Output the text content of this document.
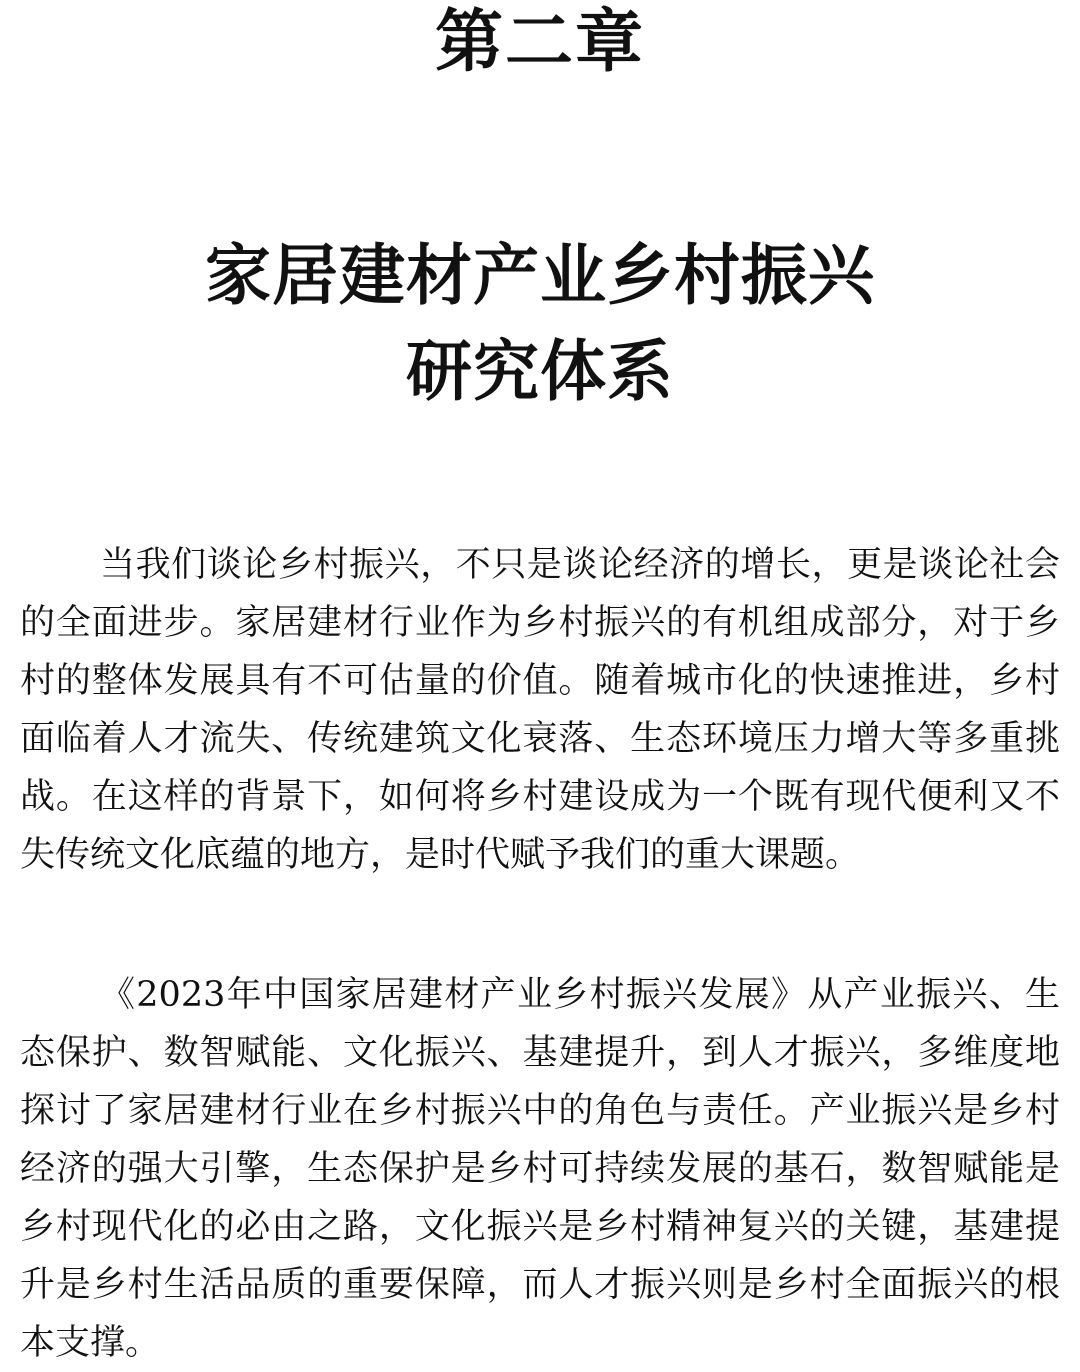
第二章
家居建材产业乡村振兴
研究体系

当我们谈论乡村振兴，不只是谈论经济的增长，更是谈论社会的全面进步。家居建材行业作为乡村振兴的有机组成部分，对于乡村的整体发展具有不可估量的价值。随着城市化的快速推进，乡村面临着人才流失、传统建筑文化衰落、生态环境压力增大等多重挑战。在这样的背景下，如何将乡村建设成为一个既有现代便利又不失传统文化底蕴的地方，是时代赋予我们的重大课题。

《2023年中国家居建材产业乡村振兴发展》从产业振兴、生态保护、数智赋能、文化振兴、基建提升，到人才振兴，多维度地探讨了家居建材行业在乡村振兴中的角色与责任。产业振兴是乡村经济的强大引擎，生态保护是乡村可持续发展的基石，数智赋能是乡村现代化的必由之路，文化振兴是乡村精神复兴的关键，基建提升是乡村生活品质的重要保障，而人才振兴则是乡村全面振兴的根本支撑。
